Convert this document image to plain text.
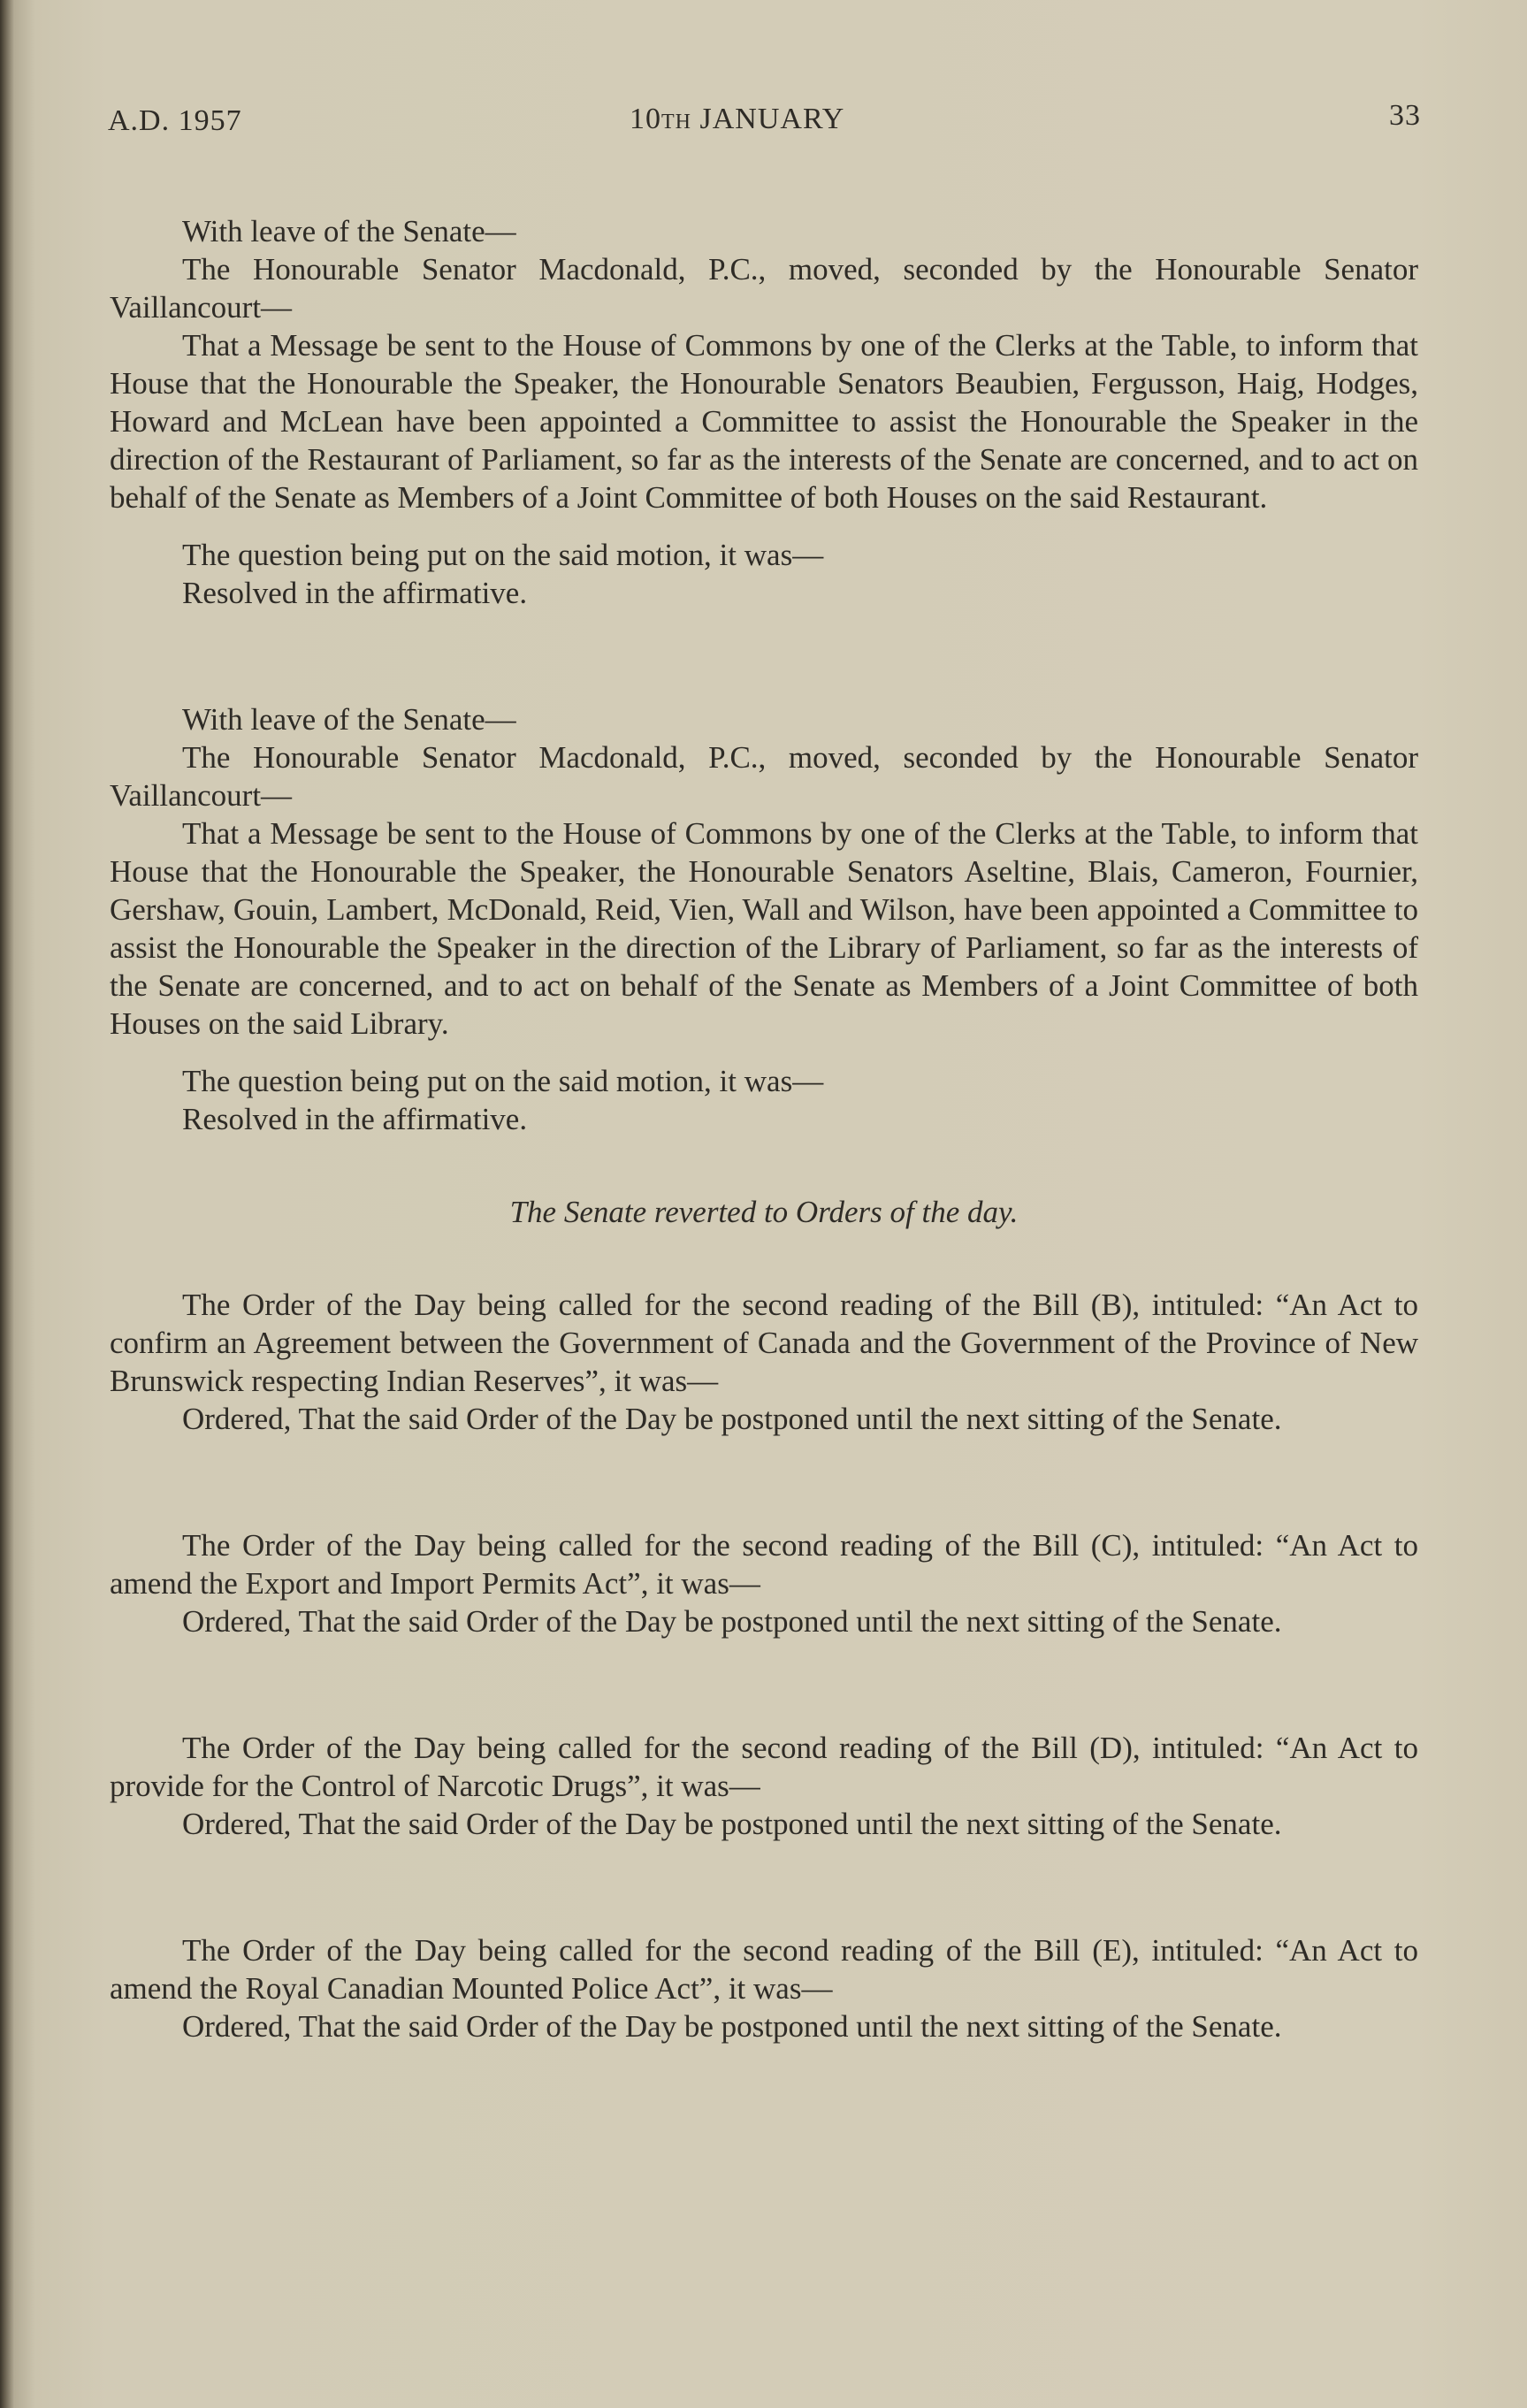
A.D. 1957	10TH JANUARY	33

With leave of the Senate—

The Honourable Senator Macdonald, P.C., moved, seconded by the Honourable Senator Vaillancourt—

That a Message be sent to the House of Commons by one of the Clerks at the Table, to inform that House that the Honourable the Speaker, the Honourable Senators Beaubien, Fergusson, Haig, Hodges, Howard and McLean have been appointed a Committee to assist the Honourable the Speaker in the direction of the Restaurant of Parliament, so far as the interests of the Senate are concerned, and to act on behalf of the Senate as Members of a Joint Committee of both Houses on the said Restaurant.

The question being put on the said motion, it was—

Resolved in the affirmative.

With leave of the Senate—

The Honourable Senator Macdonald, P.C., moved, seconded by the Honourable Senator Vaillancourt—

That a Message be sent to the House of Commons by one of the Clerks at the Table, to inform that House that the Honourable the Speaker, the Honourable Senators Aseltine, Blais, Cameron, Fournier, Gershaw, Gouin, Lambert, McDonald, Reid, Vien, Wall and Wilson, have been appointed a Committee to assist the Honourable the Speaker in the direction of the Library of Parliament, so far as the interests of the Senate are concerned, and to act on behalf of the Senate as Members of a Joint Committee of both Houses on the said Library.

The question being put on the said motion, it was—

Resolved in the affirmative.

The Senate reverted to Orders of the day.

The Order of the Day being called for the second reading of the Bill (B), intituled: “An Act to confirm an Agreement between the Government of Canada and the Government of the Province of New Brunswick respecting Indian Reserves”, it was—

Ordered, That the said Order of the Day be postponed until the next sitting of the Senate.

The Order of the Day being called for the second reading of the Bill (C), intituled: “An Act to amend the Export and Import Permits Act”, it was—

Ordered, That the said Order of the Day be postponed until the next sitting of the Senate.

The Order of the Day being called for the second reading of the Bill (D), intituled: “An Act to provide for the Control of Narcotic Drugs”, it was—

Ordered, That the said Order of the Day be postponed until the next sitting of the Senate.

The Order of the Day being called for the second reading of the Bill (E), intituled: “An Act to amend the Royal Canadian Mounted Police Act”, it was—

Ordered, That the said Order of the Day be postponed until the next sitting of the Senate.
